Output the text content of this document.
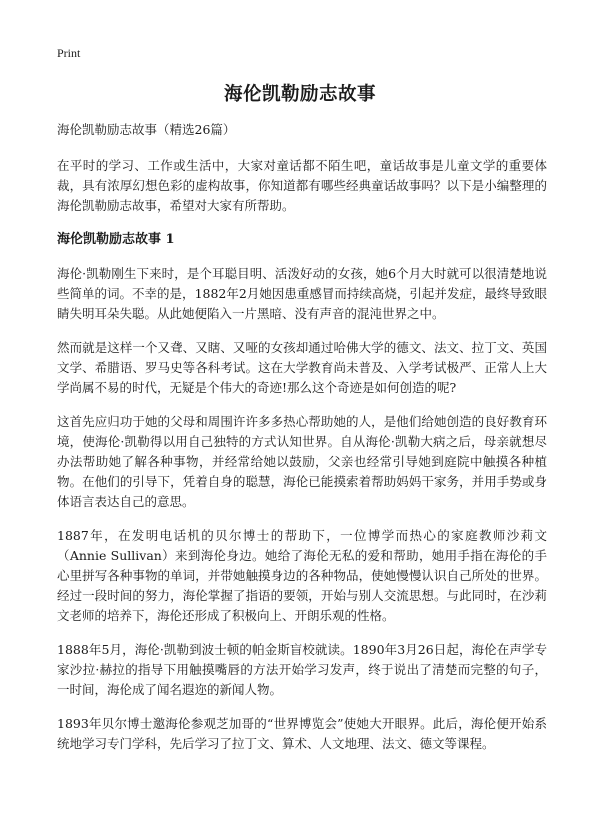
Print
海伦凯勒励志故事

海伦凯勒励志故事（精选26篇）

在平时的学习、工作或生活中，大家对童话都不陌生吧，童话故事是儿童文学的重要体裁，具有浓厚幻想色彩的虚构故事，你知道都有哪些经典童话故事吗？以下是小编整理的海伦凯勒励志故事，希望对大家有所帮助。

海伦凯勒励志故事 1

海伦·凯勒刚生下来时，是个耳聪目明、活泼好动的女孩，她6个月大时就可以很清楚地说些简单的词。不幸的是，1882年2月她因患重感冒而持续高烧，引起并发症，最终导致眼睛失明耳朵失聪。从此她便陷入一片黑暗、没有声音的混沌世界之中。

然而就是这样一个又聋、又瞎、又哑的女孩却通过哈佛大学的德文、法文、拉丁文、英国文学、希腊语、罗马史等各科考试。这在大学教育尚未普及、入学考试极严、正常人上大学尚属不易的时代，无疑是个伟大的奇迹!那么这个奇迹是如何创造的呢?

这首先应归功于她的父母和周围许许多多热心帮助她的人，是他们给她创造的良好教育环境，使海伦·凯勒得以用自己独特的方式认知世界。自从海伦·凯勒大病之后，母亲就想尽办法帮助她了解各种事物，并经常给她以鼓励，父亲也经常引导她到庭院中触摸各种植物。在他们的引导下，凭着自身的聪慧，海伦已能摸索着帮助妈妈干家务，并用手势或身体语言表达自己的意思。

1887年，在发明电话机的贝尔博士的帮助下，一位博学而热心的家庭教师沙莉文（Annie Sullivan）来到海伦身边。她给了海伦无私的爱和帮助，她用手指在海伦的手心里拼写各种事物的单词，并带她触摸身边的各种物品，使她慢慢认识自己所处的世界。经过一段时间的努力，海伦掌握了指语的要领，开始与别人交流思想。与此同时，在沙莉文老师的培养下，海伦还形成了积极向上、开朗乐观的性格。

1888年5月，海伦·凯勒到波士顿的帕金斯盲校就读。1890年3月26日起，海伦在声学专家沙拉·赫拉的指导下用触摸嘴唇的方法开始学习发声，终于说出了清楚而完整的句子，一时间，海伦成了闻名遐迩的新闻人物。

1893年贝尔博士邀海伦参观芝加哥的“世界博览会”使她大开眼界。此后，海伦便开始系统地学习专门学科，先后学习了拉丁文、算术、人文地理、法文、德文等课程。
